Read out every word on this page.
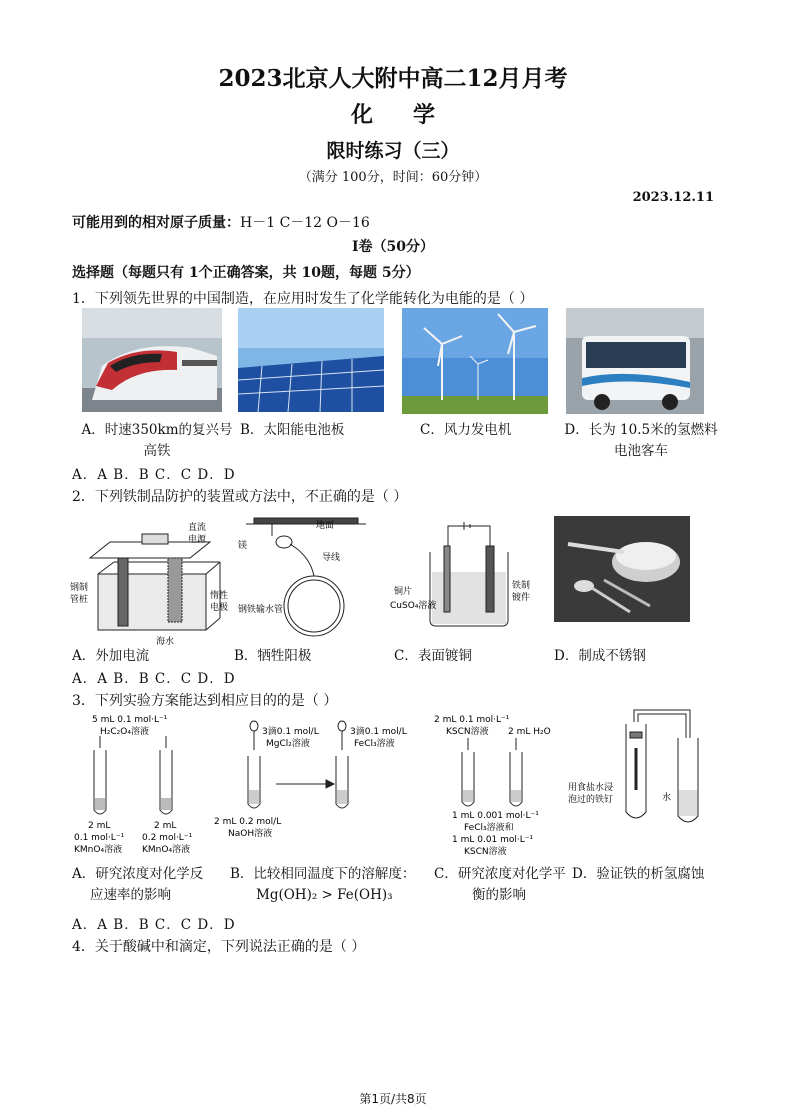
2023北京人大附中高二12月月考
化学
限时练习（三）
（满分 100分，时间：60分钟）
2023.12.11
可能用到的相对原子质量：H－1 C－12 O－16
Ⅰ卷（50分）
选择题（每题只有 1个正确答案，共 10题，每题 5分）
1．下列领先世界的中国制造，在应用时发生了化学能转化为电能的是（ ）
A．时速350km的复兴号
高铁
B．太阳能电池板	C．风力发电机	D．长为 10.5米的氢燃料
电池客车
A．A B．B C．C D．D
2．下列铁制品防护的装置或方法中，不正确的是（ ）
直流
电源
钢制
管桩	惰性
电极
海水
地面
镁
导线
钢铁输水管
铜片
CuSO₄溶液
铁制
镀件
A．外加电流	B．牺牲阳极	C．表面镀铜	D．制成不锈钢
A．A B．B C．C D．D
3．下列实验方案能达到相应目的的是（ ）
5 mL 0.1 mol·L⁻¹
H₂C₂O₄溶液
2 mL
0.1 mol·L⁻¹
KMnO₄溶液
2 mL
0.2 mol·L⁻¹
KMnO₄溶液
3滴0.1 mol/L
MgCl₂溶液
3滴0.1 mol/L
FeCl₃溶液
2 mL 0.2 mol/L
NaOH溶液
2 mL 0.1 mol·L⁻¹
KSCN溶液 2 mL H₂O
1 mL 0.001 mol·L⁻¹
FeCl₃溶液和
1 mL 0.01 mol·L⁻¹
KSCN溶液
用食盐水浸
泡过的铁钉	水
A．研究浓度对化学反
应速率的影响
B．比较相同温度下的溶解度：
Mg(OH)₂ > Fe(OH)₃
C．研究浓度对化学平
衡的影响
D．验证铁的析氢腐蚀
A．A B．B C．C D．D
4．关于酸碱中和滴定，下列说法正确的是（ ）
第1页/共8页
